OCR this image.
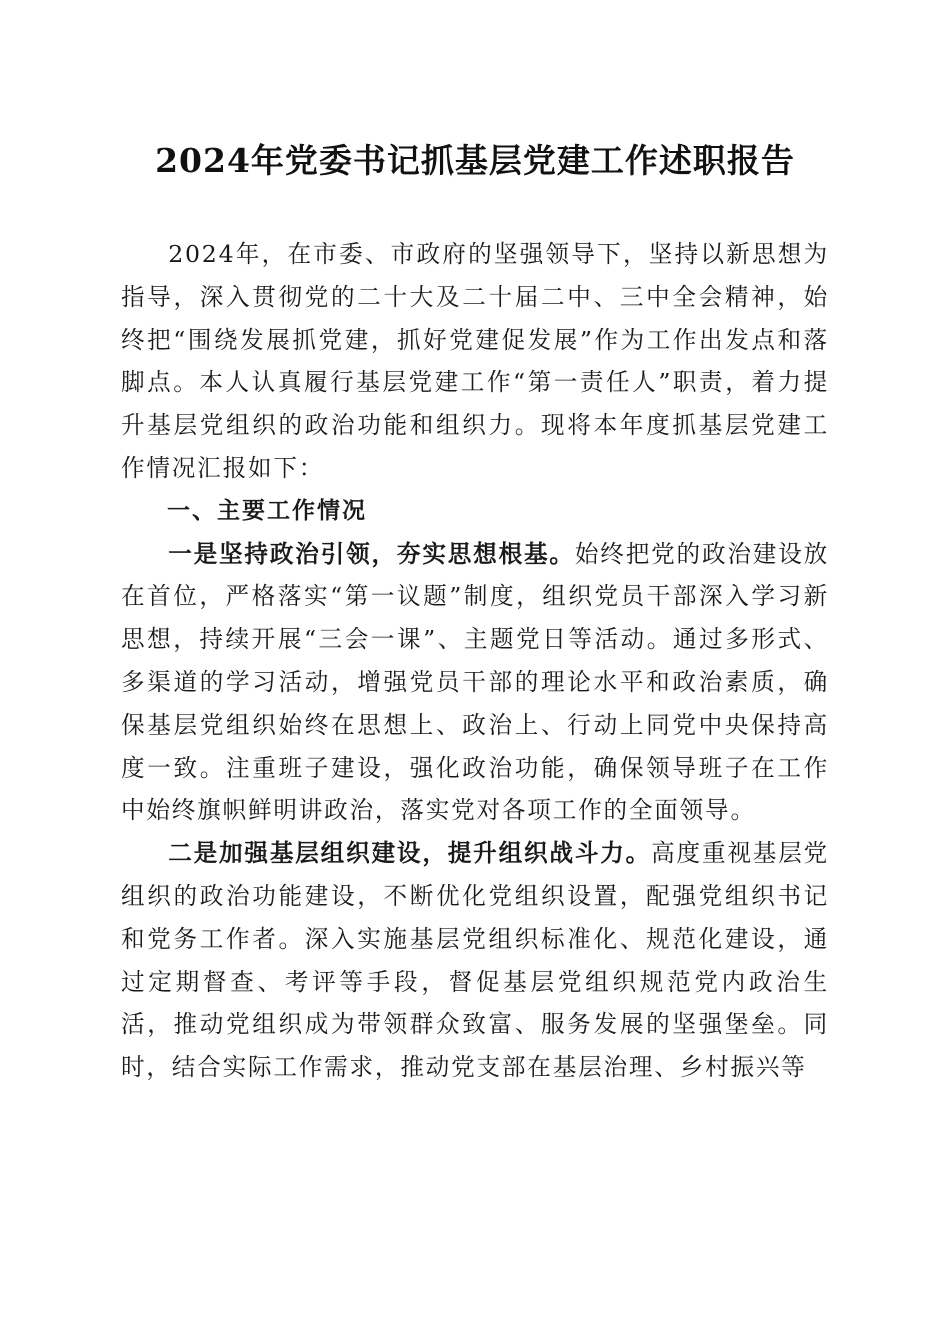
2024年党委书记抓基层党建工作述职报告

2024年，在市委、市政府的坚强领导下，坚持以新思想为指导，深入贯彻党的二十大及二十届二中、三中全会精神，始终把“围绕发展抓党建，抓好党建促发展”作为工作出发点和落脚点。本人认真履行基层党建工作“第一责任人”职责，着力提升基层党组织的政治功能和组织力。现将本年度抓基层党建工作情况汇报如下：

一、主要工作情况

一是坚持政治引领，夯实思想根基。始终把党的政治建设放在首位，严格落实“第一议题”制度，组织党员干部深入学习新思想，持续开展“三会一课”、主题党日等活动。通过多形式、多渠道的学习活动，增强党员干部的理论水平和政治素质，确保基层党组织始终在思想上、政治上、行动上同党中央保持高度一致。注重班子建设，强化政治功能，确保领导班子在工作中始终旗帜鲜明讲政治，落实党对各项工作的全面领导。

二是加强基层组织建设，提升组织战斗力。高度重视基层党组织的政治功能建设，不断优化党组织设置，配强党组织书记和党务工作者。深入实施基层党组织标准化、规范化建设，通过定期督查、考评等手段，督促基层党组织规范党内政治生活，推动党组织成为带领群众致富、服务发展的坚强堡垒。同时，结合实际工作需求，推动党支部在基层治理、乡村振兴等
